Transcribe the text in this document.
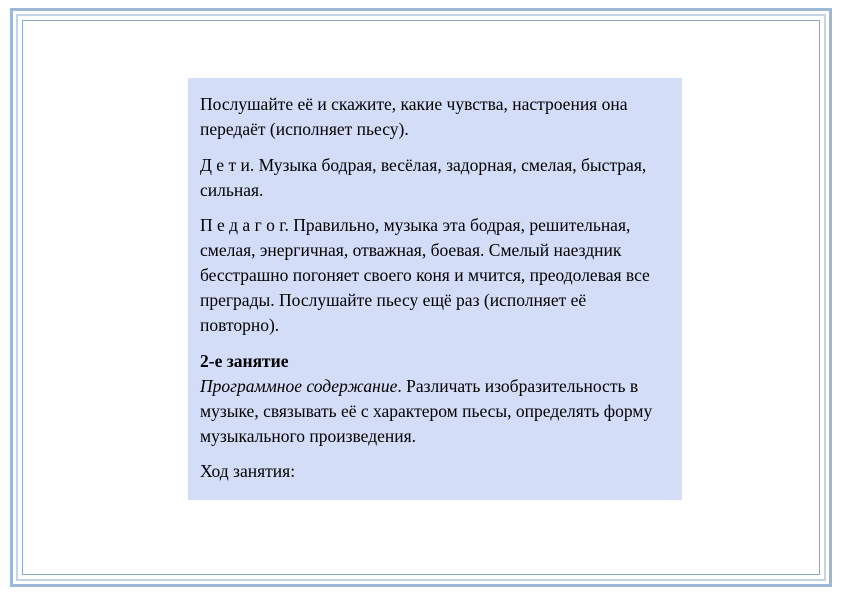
Послушайте её и скажите, какие чувства, настроения она передаёт (исполняет пьесу).

Д е т и. Музыка бодрая, весёлая, задорная, смелая, быстрая, сильная.

П е д а г о г. Правильно, музыка эта бодрая, решительная, смелая, энергичная, отважная, боевая. Смелый наездник бесстрашно погоняет своего коня и мчится, преодолевая все преграды. Послушайте пьесу ещё раз (исполняет её повторно).

2-е занятие

Программное содержание. Различать изобразительность в музыке, связывать её с характером пьесы, определять форму музыкального произведения.

Ход занятия:
